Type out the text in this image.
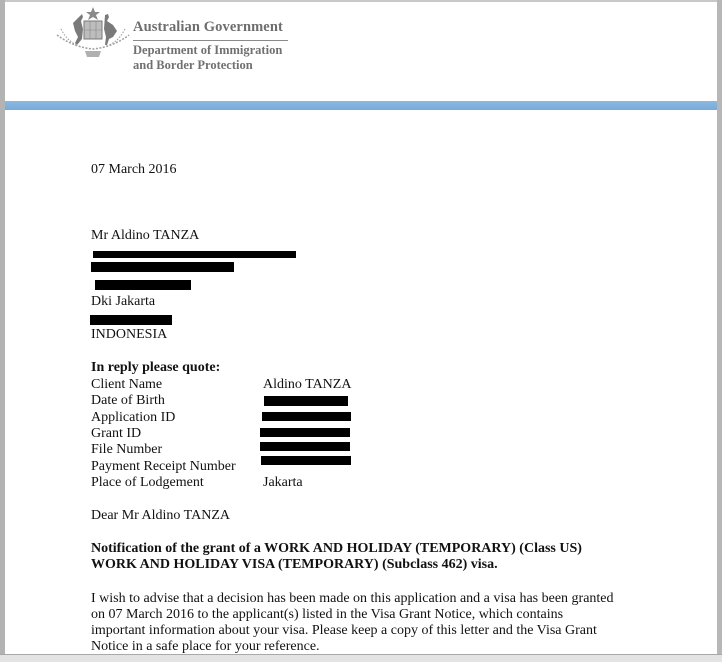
Australian Government
Department of Immigration
and Border Protection
07 March 2016
Mr Aldino TANZA
Dki Jakarta
INDONESIA
In reply please quote:
Client Name	Aldino TANZA
Date of Birth
Application ID
Grant ID
File Number
Payment Receipt Number
Place of Lodgement	Jakarta
Dear Mr Aldino TANZA
Notification of the grant of a WORK AND HOLIDAY (TEMPORARY) (Class US)
WORK AND HOLIDAY VISA (TEMPORARY) (Subclass 462) visa.
I wish to advise that a decision has been made on this application and a visa has been granted
on 07 March 2016 to the applicant(s) listed in the Visa Grant Notice, which contains
important information about your visa. Please keep a copy of this letter and the Visa Grant
Notice in a safe place for your reference.
